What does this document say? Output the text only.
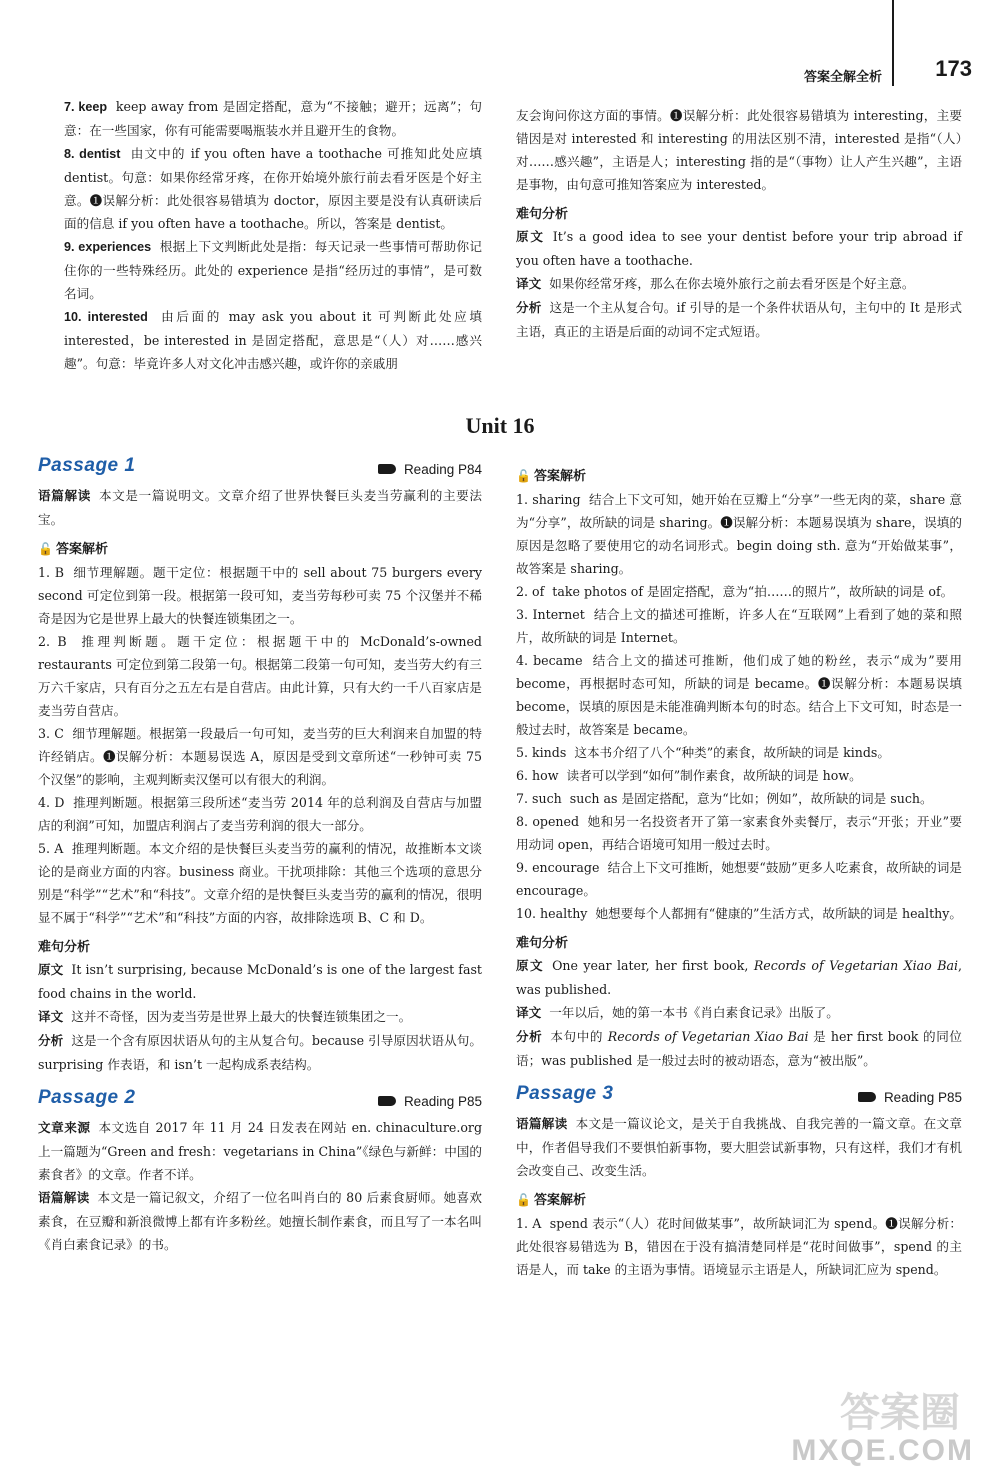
答案全解全析 173
7. keep keep away from 是固定搭配，意为“不接触；避开；远离”；句意：在一些国家，你有可能需要喝瓶装水并且避开生的食物。
8. dentist 由文中的 if you often have a toothache 可推知此处应填 dentist。句意：如果你经常牙疼，在你开始境外旅行前去看牙医是个好主意。❶误解分析：此处很容易错填为 doctor，原因主要是没有认真研读后面的信息 if you often have a toothache。所以，答案是 dentist。
9. experiences 根据上下文判断此处是指：每天记录一些事情可帮助你记住你的一些特殊经历。此处的 experience 是指“经历过的事情”，是可数名词。
10. interested 由后面的 may ask you about it 可判断此处应填 interested，be interested in 是固定搭配，意思是“（人）对……感兴趣”。句意：毕竟许多人对文化冲击感兴趣，或许你的亲戚朋
友会询问你这方面的事情。❶误解分析：此处很容易错填为 interesting，主要错因是对 interested 和 interesting 的用法区别不清，interested 是指“（人）对……感兴趣”，主语是人；interesting 指的是“（事物）让人产生兴趣”，主语是事物，由句意可推知答案应为 interested。
难句分析
原文 It’s a good idea to see your dentist before your trip abroad if you often have a toothache.
译文 如果你经常牙疼，那么在你去境外旅行之前去看牙医是个好主意。
分析 这是一个主从复合句。if 引导的是一个条件状语从句，主句中的 It 是形式主语，真正的主语是后面的动词不定式短语。
Unit 16
Passage 1	Reading P84
语篇解读 本文是一篇说明文。文章介绍了世界快餐巨头麦当劳赢利的主要法宝。
🔓 答案解析
1. B 细节理解题。题干定位：根据题干中的 sell about 75 burgers every second 可定位到第一段。根据第一段可知，麦当劳每秒可卖 75 个汉堡并不稀奇是因为它是世界上最大的快餐连锁集团之一。
2. B 推理判断题。题干定位：根据题干中的 McDonald’s-owned restaurants 可定位到第二段第一句。根据第二段第一句可知，麦当劳大约有三万六千家店，只有百分之五左右是自营店。由此计算，只有大约一千八百家店是麦当劳自营店。
3. C 细节理解题。根据第一段最后一句可知，麦当劳的巨大利润来自加盟的特许经销店。❶误解分析：本题易误选 A，原因是受到文章所述“一秒钟可卖 75 个汉堡”的影响，主观判断卖汉堡可以有很大的利润。
4. D 推理判断题。根据第三段所述“麦当劳 2014 年的总利润及自营店与加盟店的利润”可知，加盟店利润占了麦当劳利润的很大一部分。
5. A 推理判断题。本文介绍的是快餐巨头麦当劳的赢利的情况，故推断本文谈论的是商业方面的内容。business 商业。干扰项排除：其他三个选项的意思分别是“科学”“艺术”和“科技”。文章介绍的是快餐巨头麦当劳的赢利的情况，很明显不属于“科学”“艺术”和“科技”方面的内容，故排除选项 B、C 和 D。
难句分析
原文 It isn’t surprising, because McDonald’s is one of the largest fast food chains in the world.
译文 这并不奇怪，因为麦当劳是世界上最大的快餐连锁集团之一。
分析 这是一个含有原因状语从句的主从复合句。because 引导原因状语从句。surprising 作表语，和 isn’t 一起构成系表结构。
Passage 2	Reading P85
文章来源 本文选自 2017 年 11 月 24 日发表在网站 en. chinaculture.org 上一篇题为“Green and fresh：vegetarians in China”《绿色与新鲜：中国的素食者》的文章。作者不详。
语篇解读 本文是一篇记叙文，介绍了一位名叫肖白的 80 后素食厨师。她喜欢素食，在豆瓣和新浪微博上都有许多粉丝。她擅长制作素食，而且写了一本名叫《肖白素食记录》的书。
🔓 答案解析
1. sharing 结合上下文可知，她开始在豆瓣上“分享”一些无肉的菜，share 意为“分享”，故所缺的词是 sharing。❶误解分析：本题易误填为 share，误填的原因是忽略了要使用它的动名词形式。begin doing sth. 意为“开始做某事”，故答案是 sharing。
2. of take photos of 是固定搭配，意为“拍……的照片”，故所缺的词是 of。
3. Internet 结合上文的描述可推断，许多人在“互联网”上看到了她的菜和照片，故所缺的词是 Internet。
4. became 结合上文的描述可推断，他们成了她的粉丝，表示“成为”要用 become，再根据时态可知，所缺的词是 became。❶误解分析：本题易误填 become，误填的原因是未能准确判断本句的时态。结合上下文可知，时态是一般过去时，故答案是 became。
5. kinds 这本书介绍了八个“种类”的素食，故所缺的词是 kinds。
6. how 读者可以学到“如何”制作素食，故所缺的词是 how。
7. such such as 是固定搭配，意为“比如；例如”，故所缺的词是 such。
8. opened 她和另一名投资者开了第一家素食外卖餐厅，表示“开张；开业”要用动词 open，再结合语境可知用一般过去时。
9. encourage 结合上下文可推断，她想要“鼓励”更多人吃素食，故所缺的词是 encourage。
10. healthy 她想要每个人都拥有“健康的”生活方式，故所缺的词是 healthy。
难句分析
原文 One year later, her first book, Records of Vegetarian Xiao Bai, was published.
译文 一年以后，她的第一本书《肖白素食记录》出版了。
分析 本句中的 Records of Vegetarian Xiao Bai 是 her first book 的同位语；was published 是一般过去时的被动语态，意为“被出版”。
Passage 3	Reading P85
语篇解读 本文是一篇议论文，是关于自我挑战、自我完善的一篇文章。在文章中，作者倡导我们不要惧怕新事物，要大胆尝试新事物，只有这样，我们才有机会改变自己、改变生活。
🔓 答案解析
1. A spend 表示“（人）花时间做某事”，故所缺词汇为 spend。❶误解分析：此处很容易错选为 B，错因在于没有搞清楚同样是“花时间做事”，spend 的主语是人，而 take 的主语为事情。语境显示主语是人，所缺词汇应为 spend。
答案圈
MXQE.COM
